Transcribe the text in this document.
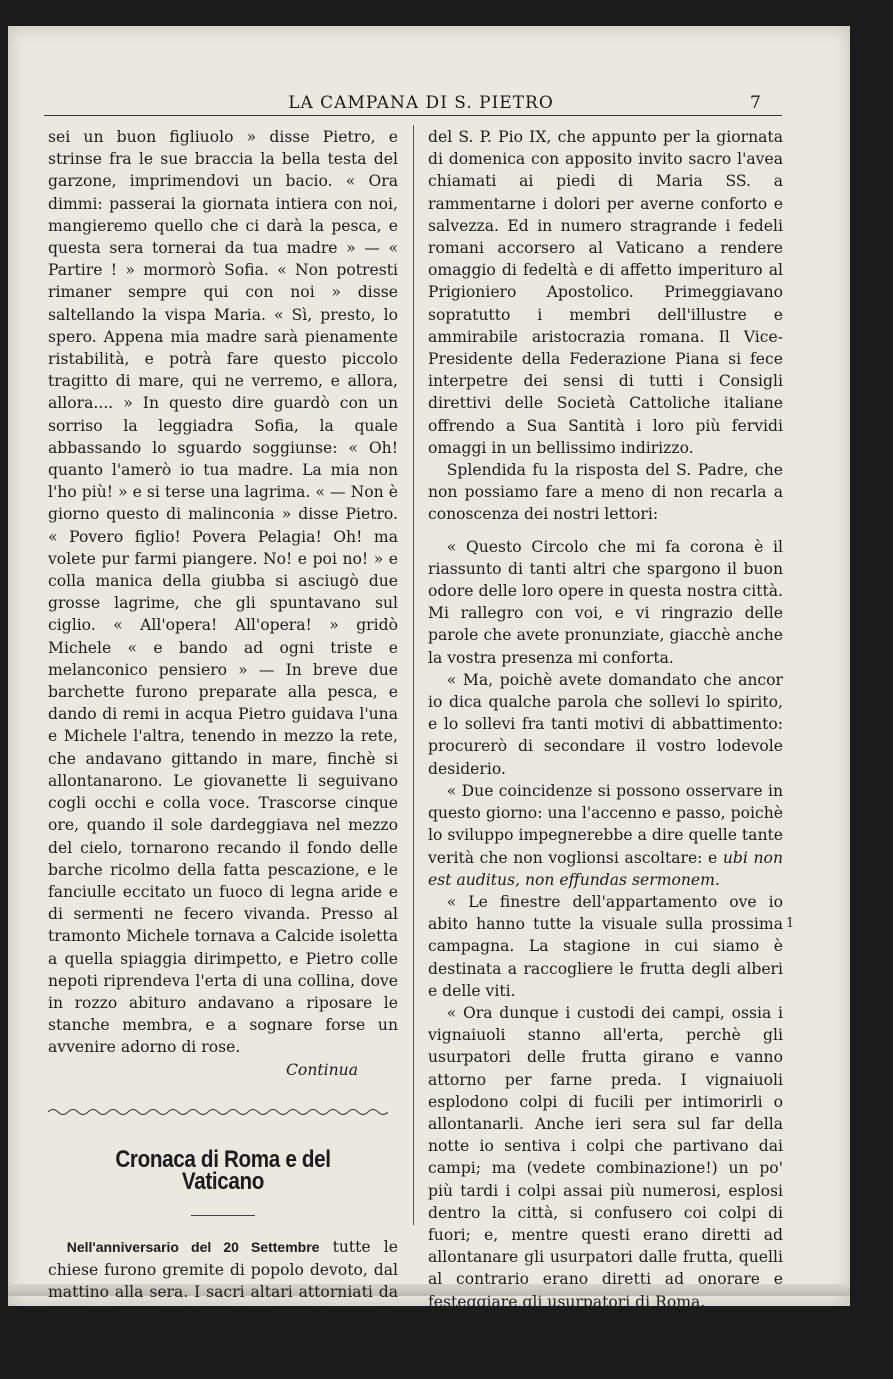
LA CAMPANA DI S. PIETRO	7

sei un buon figliuolo » disse Pietro, e strinse fra le sue braccia la bella testa del garzone, imprimendovi un bacio. « Ora dimmi: passerai la giornata intiera con noi, mangieremo quello che ci darà la pesca, e questa sera tornerai da tua madre » — « Partire ! » mormorò Sofia. « Non potresti rimaner sempre qui con noi » disse saltellando la vispa Maria. « Sì, presto, lo spero. Appena mia madre sarà pienamente ristabilità, e potrà fare questo piccolo tragitto di mare, qui ne verremo, e allora, allora.... » In questo dire guardò con un sorriso la leggiadra Sofia, la quale abbassando lo sguardo soggiunse: « Oh! quanto l'amerò io tua madre. La mia non l'ho più! » e si terse una lagrima. « — Non è giorno questo di malinconia » disse Pietro. « Povero figlio! Povera Pelagia! Oh! ma volete pur farmi piangere. No! e poi no! » e colla manica della giubba si asciugò due grosse lagrime, che gli spuntavano sul ciglio. « All'opera! All'opera! » gridò Michele « e bando ad ogni triste e melanconico pensiero » — In breve due barchette furono preparate alla pesca, e dando di remi in acqua Pietro guidava l'una e Michele l'altra, tenendo in mezzo la rete, che andavano gittando in mare, finchè si allontanarono. Le giovanette li seguivano cogli occhi e colla voce. Trascorse cinque ore, quando il sole dardeggiava nel mezzo del cielo, tornarono recando il fondo delle barche ricolmo della fatta pescazione, e le fanciulle eccitato un fuoco di legna aride e di sermenti ne fecero vivanda. Presso al tramonto Michele tornava a Calcide isoletta a quella spiaggia dirimpetto, e Pietro colle nepoti riprendeva l'erta di una collina, dove in rozzo abituro andavano a riposare le stanche membra, e a sognare forse un avvenire adorno di rose.

Continua

Cronaca di Roma e del Vaticano

Nell'anniversario del 20 Settembre tutte le chiese furono gremite di popolo devoto, dal mattino alla sera. I sacri altari attorniati da tanti buoni cattolici possono solo testimoniare quanto valga nei cuori romani la voce

del S. P. Pio IX, che appunto per la giornata di domenica con apposito invito sacro l'avea chiamati ai piedi di Maria SS. a rammentarne i dolori per averne conforto e salvezza. Ed in numero stragrande i fedeli romani accorsero al Vaticano a rendere omaggio di fedeltà e di affetto imperituro al Prigioniero Apostolico. Primeggiavano sopratutto i membri dell'illustre e ammirabile aristocrazia romana. Il Vice-Presidente della Federazione Piana si fece interpetre dei sensi di tutti i Consigli direttivi delle Società Cattoliche italiane offrendo a Sua Santità i loro più fervidi omaggi in un bellissimo indirizzo.

Splendida fu la risposta del S. Padre, che non possiamo fare a meno di non recarla a conoscenza dei nostri lettori:

« Questo Circolo che mi fa corona è il riassunto di tanti altri che spargono il buon odore delle loro opere in questa nostra città. Mi rallegro con voi, e vi ringrazio delle parole che avete pronunziate, giacchè anche la vostra presenza mi conforta.

« Ma, poichè avete domandato che ancor io dica qualche parola che sollevi lo spirito, e lo sollevi fra tanti motivi di abbattimento: procurerò di secondare il vostro lodevole desiderio.

« Due coincidenze si possono osservare in questo giorno: una l'accenno e passo, poichè lo sviluppo impegnerebbe a dire quelle tante verità che non voglionsi ascoltare: e ubi non est auditus, non effundas sermonem.

« Le finestre dell'appartamento ove io abito hanno tutte la visuale sulla prossima campagna. La stagione in cui siamo è destinata a raccogliere le frutta degli alberi e delle viti.

« Ora dunque i custodi dei campi, ossia i vignaiuoli stanno all'erta, perchè gli usurpatori delle frutta girano e vanno attorno per farne preda. I vignaiuoli esplodono colpi di fucili per intimorirli o allontanarli. Anche ieri sera sul far della notte io sentiva i colpi che partivano dai campi; ma (vedete combinazione!) un po' più tardi i colpi assai più numerosi, esplosi dentro la città, si confusero coi colpi di fuori; e, mentre questi erano diretti ad allontanare gli usurpatori dalle frutta, quelli al contrario erano diretti ad onorare e festeggiare gli usurpatori di Roma.

« Ma la coincidenza che interessa di più, e che dev'essere di conforto alle anime nostre, si

1
